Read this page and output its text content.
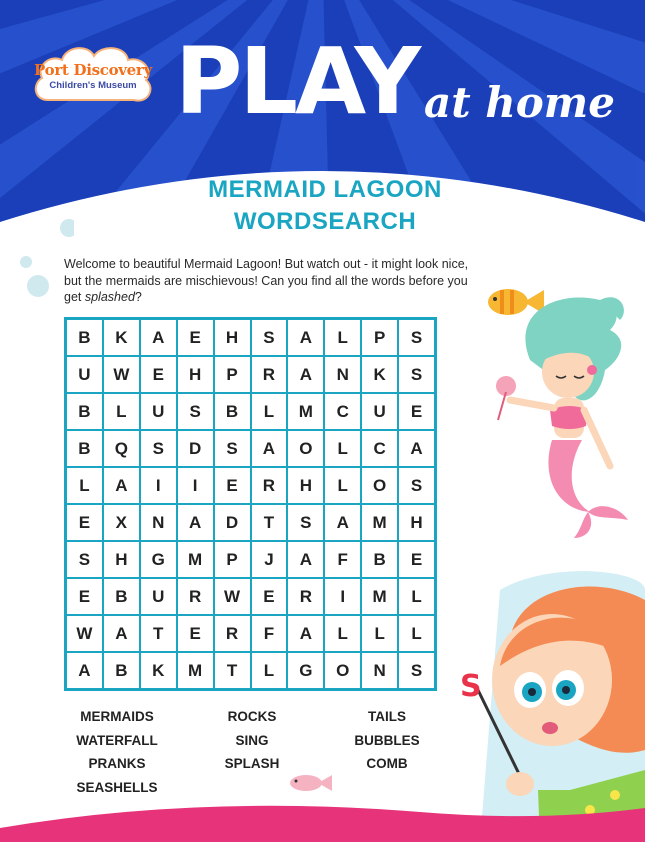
Port Discovery
Children's Museum PLAY at home
MERMAID LAGOON
WORDSEARCH
Welcome to beautiful Mermaid Lagoon! But watch out - it might look nice, but the mermaids are mischievous! Can you find all the words before you get splashed?
S
B	K	A	E	H	S	A	L	P	S
U	W	E	H	P	R	A	N	K	S
B	L	U	S	B	L	M	C	U	E
B	Q	S	D	S	A	O	L	C	A
L	A	I	I	E	R	H	L	O	S
E	X	N	A	D	T	S	A	M	H
S	H	G	M	P	J	A	F	B	E
E	B	U	R	W	E	R	I	M	L
W	A	T	E	R	F	A	L	L	L
A	B	K	M	T	L	G	O	N	S
MERMAIDS
WATERFALL
PRANKS
SEASHELLS
ROCKS
SING
SPLASH
TAILS
BUBBLES
COMB
